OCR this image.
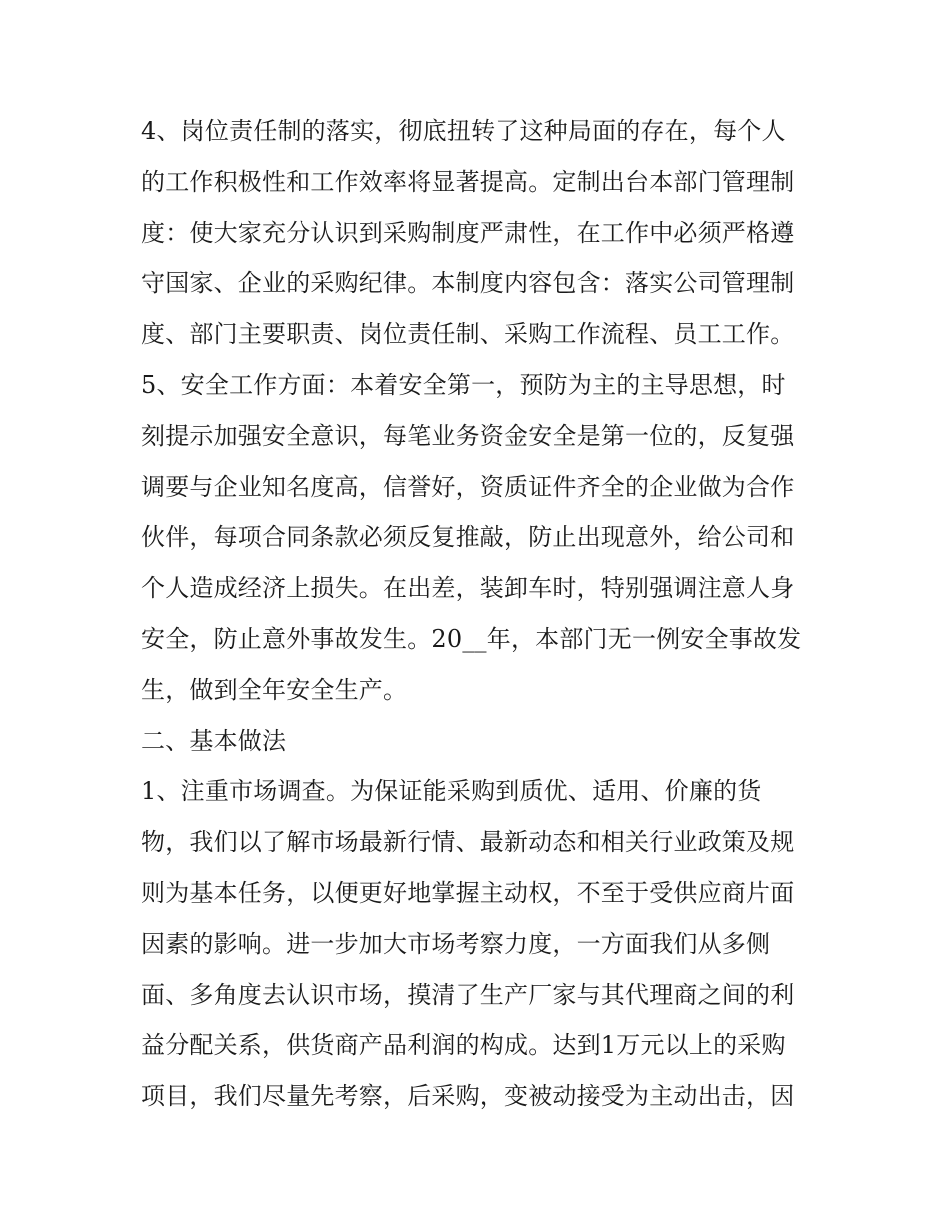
4、岗位责任制的落实，彻底扭转了这种局面的存在，每个人
的工作积极性和工作效率将显著提高。定制出台本部门管理制
度：使大家充分认识到采购制度严肃性，在工作中必须严格遵
守国家、企业的采购纪律。本制度内容包含：落实公司管理制
度、部门主要职责、岗位责任制、采购工作流程、员工工作。
5、安全工作方面：本着安全第一，预防为主的主导思想，时
刻提示加强安全意识，每笔业务资金安全是第一位的，反复强
调要与企业知名度高，信誉好，资质证件齐全的企业做为合作
伙伴，每项合同条款必须反复推敲，防止出现意外，给公司和
个人造成经济上损失。在出差，装卸车时，特别强调注意人身
安全，防止意外事故发生。20__年，本部门无一例安全事故发
生，做到全年安全生产。
二、基本做法
1、注重市场调查。为保证能采购到质优、适用、价廉的货
物，我们以了解市场最新行情、最新动态和相关行业政策及规
则为基本任务，以便更好地掌握主动权，不至于受供应商片面
因素的影响。进一步加大市场考察力度，一方面我们从多侧
面、多角度去认识市场，摸清了生产厂家与其代理商之间的利
益分配关系，供货商产品利润的构成。达到1万元以上的采购
项目，我们尽量先考察，后采购，变被动接受为主动出击，因
